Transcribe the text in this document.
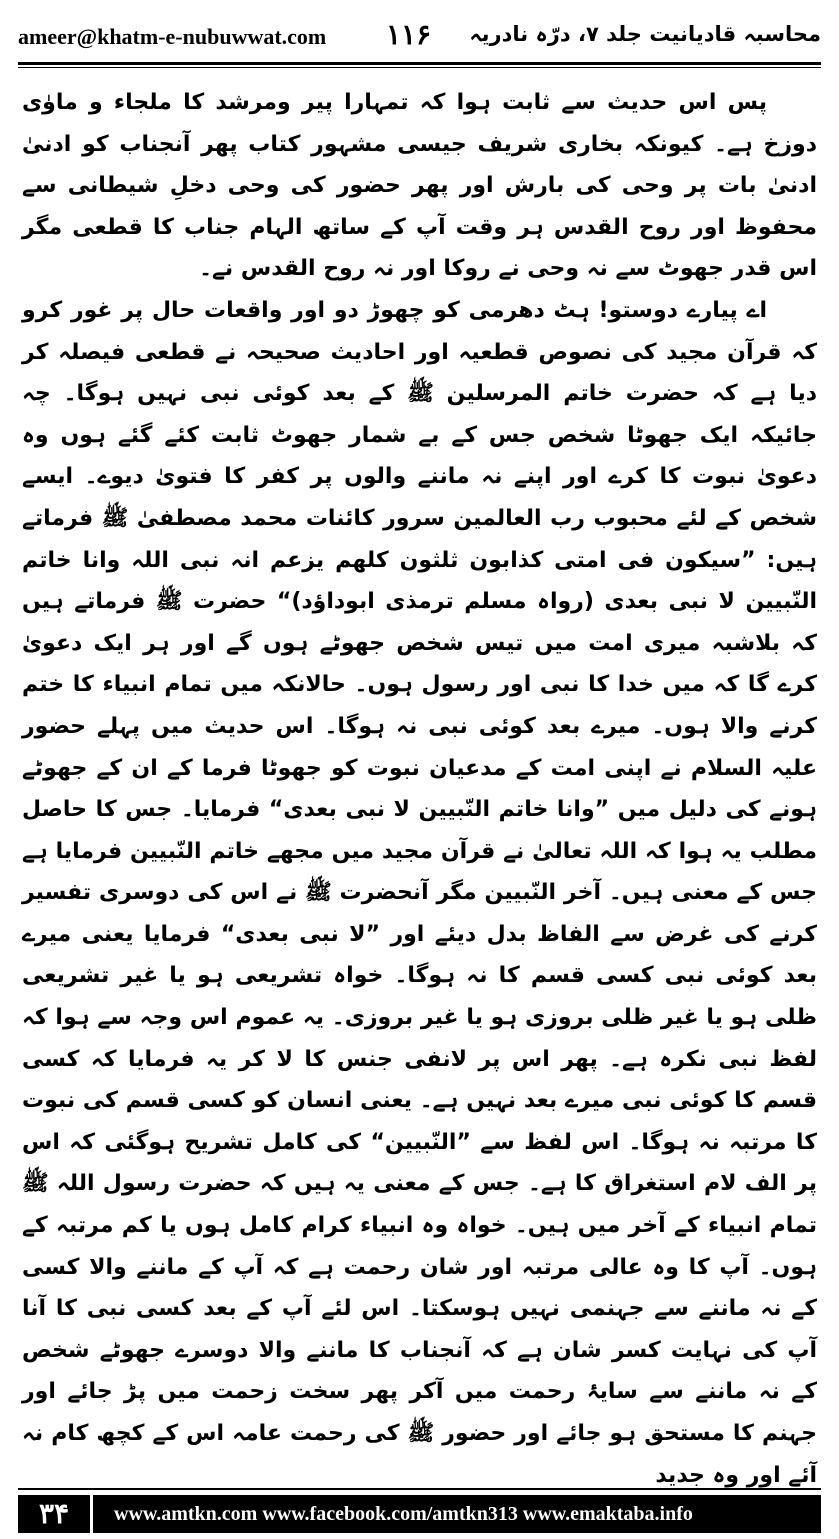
ameer@khatm-e-nubuwwat.com ۱۱۶ محاسبہ قادیانیت جلد ۷، درّہ نادریہ

پس اس حدیث سے ثابت ہوا کہ تمہارا پیر ومرشد کا ملجاء و ماوٰی دوزخ ہے۔ کیونکہ بخاری شریف جیسی مشہور کتاب پھر آنجناب کو ادنیٰ ادنیٰ بات پر وحی کی بارش اور پھر حضور کی وحی دخلِ شیطانی سے محفوظ اور روح القدس ہر وقت آپ کے ساتھ الہام جناب کا قطعی مگر اس قدر جھوٹ سے نہ وحی نے روکا اور نہ روح القدس نے۔

اے پیارے دوستو! ہٹ دھرمی کو چھوڑ دو اور واقعات حال پر غور کرو کہ قرآن مجید کی نصوص قطعیہ اور احادیث صحیحہ نے قطعی فیصلہ کر دیا ہے کہ حضرت خاتم المرسلین ﷺ کے بعد کوئی نبی نہیں ہوگا۔ چہ جائیکہ ایک جھوٹا شخص جس کے بے شمار جھوٹ ثابت کئے گئے ہوں وہ دعویٰ نبوت کا کرے اور اپنے نہ ماننے والوں پر کفر کا فتویٰ دیوے۔ ایسے شخص کے لئے محبوب رب العالمین سرور کائنات محمد مصطفیٰ ﷺ فرماتے ہیں: ”سیکون فی امتی کذابون ثلثون کلھم یزعم انہ نبی اللہ وانا خاتم النّبیین لا نبی بعدی (رواہ مسلم ترمذی ابوداؤد)“ حضرت ﷺ فرماتے ہیں کہ بلاشبہ میری امت میں تیس شخص جھوٹے ہوں گے اور ہر ایک دعویٰ کرے گا کہ میں خدا کا نبی اور رسول ہوں۔ حالانکہ میں تمام انبیاء کا ختم کرنے والا ہوں۔ میرے بعد کوئی نبی نہ ہوگا۔ اس حدیث میں پہلے حضور علیہ السلام نے اپنی امت کے مدعیان نبوت کو جھوٹا فرما کے ان کے جھوٹے ہونے کی دلیل میں ”وانا خاتم النّبیین لا نبی بعدی“ فرمایا۔ جس کا حاصل مطلب یہ ہوا کہ اللہ تعالیٰ نے قرآن مجید میں مجھے خاتم النّبیین فرمایا ہے جس کے معنی ہیں۔ آخر النّبیین مگر آنحضرت ﷺ نے اس کی دوسری تفسیر کرنے کی غرض سے الفاظ بدل دیئے اور ”لا نبی بعدی“ فرمایا یعنی میرے بعد کوئی نبی کسی قسم کا نہ ہوگا۔ خواہ تشریعی ہو یا غیر تشریعی ظلی ہو یا غیر ظلی بروزی ہو یا غیر بروزی۔ یہ عموم اس وجہ سے ہوا کہ لفظ نبی نکرہ ہے۔ پھر اس پر لانفی جنس کا لا کر یہ فرمایا کہ کسی قسم کا کوئی نبی میرے بعد نہیں ہے۔ یعنی انسان کو کسی قسم کی نبوت کا مرتبہ نہ ہوگا۔ اس لفظ سے ”النّبیین“ کی کامل تشریح ہوگئی کہ اس پر الف لام استغراق کا ہے۔ جس کے معنی یہ ہیں کہ حضرت رسول اللہ ﷺ تمام انبیاء کے آخر میں ہیں۔ خواہ وہ انبیاء کرام کامل ہوں یا کم مرتبہ کے ہوں۔ آپ کا وہ عالی مرتبہ اور شان رحمت ہے کہ آپ کے ماننے والا کسی کے نہ ماننے سے جہنمی نہیں ہوسکتا۔ اس لئے آپ کے بعد کسی نبی کا آنا آپ کی نہایت کسر شان ہے کہ آنجناب کا ماننے والا دوسرے جھوٹے شخص کے نہ ماننے سے سایۂ رحمت میں آکر پھر سخت زحمت میں پڑ جائے اور جہنم کا مستحق ہو جائے اور حضور ﷺ کی رحمت عامہ اس کے کچھ کام نہ آئے اور وہ جدید

۳۴	www.amtkn.com www.facebook.com/amtkn313 www.emaktaba.info
